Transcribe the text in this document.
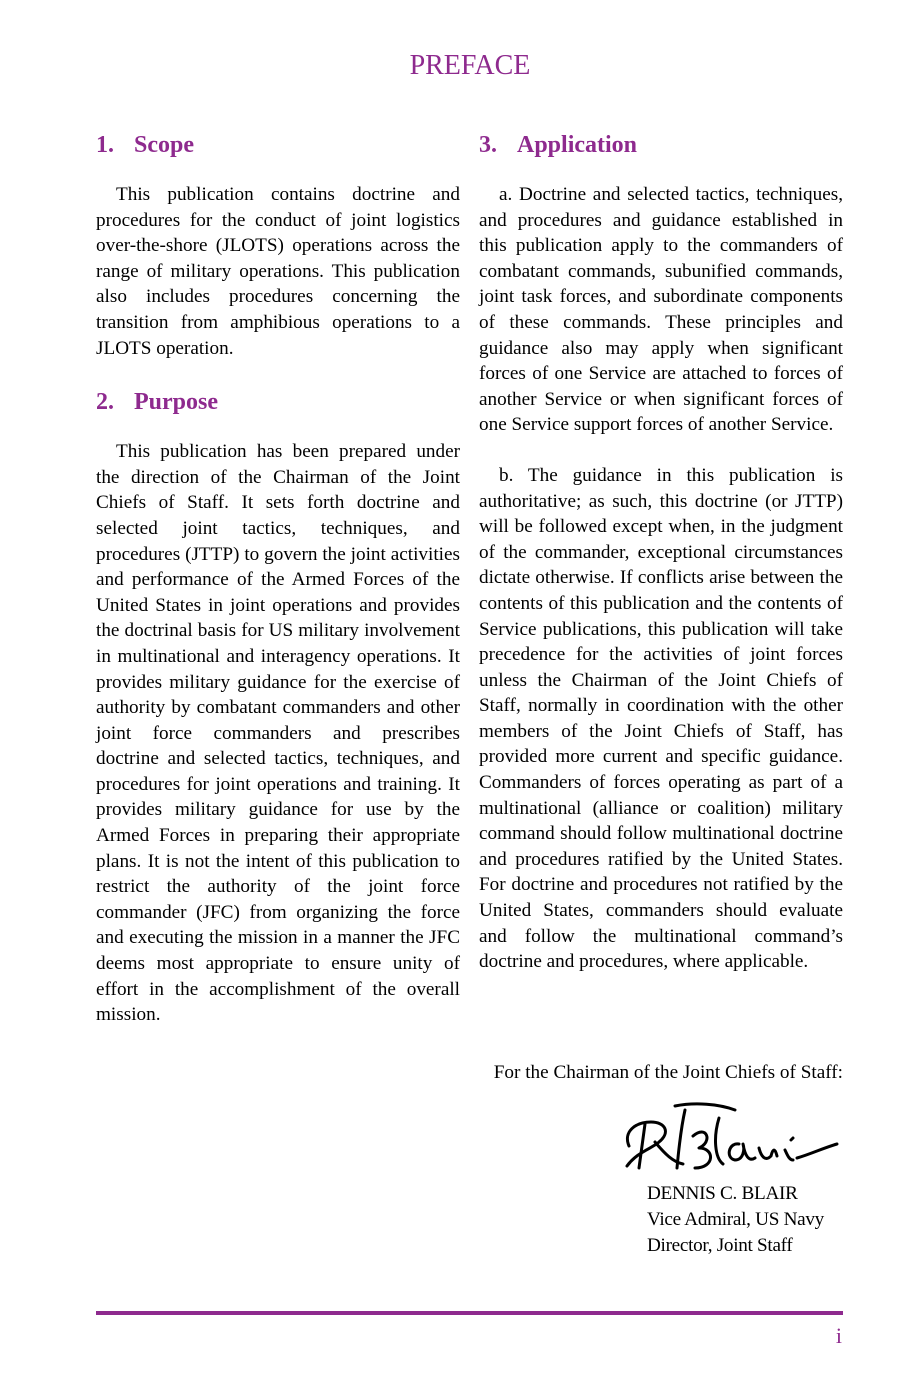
PREFACE
1. Scope

This publication contains doctrine and procedures for the conduct of joint logistics over-the-shore (JLOTS) operations across the range of military operations. This publication also includes procedures concerning the transition from amphibious operations to a JLOTS operation.

2. Purpose

This publication has been prepared under the direction of the Chairman of the Joint Chiefs of Staff. It sets forth doctrine and selected joint tactics, techniques, and procedures (JTTP) to govern the joint activities and performance of the Armed Forces of the United States in joint operations and provides the doctrinal basis for US military involvement in multinational and interagency operations. It provides military guidance for the exercise of authority by combatant commanders and other joint force commanders and prescribes doctrine and selected tactics, techniques, and procedures for joint operations and training. It provides military guidance for use by the Armed Forces in preparing their appropriate plans. It is not the intent of this publication to restrict the authority of the joint force commander (JFC) from organizing the force and executing the mission in a manner the JFC deems most appropriate to ensure unity of effort in the accomplishment of the overall mission.

3. Application

a. Doctrine and selected tactics, techniques, and procedures and guidance established in this publication apply to the commanders of combatant commands, subunified commands, joint task forces, and subordinate components of these commands. These principles and guidance also may apply when significant forces of one Service are attached to forces of another Service or when significant forces of one Service support forces of another Service.

b. The guidance in this publication is authoritative; as such, this doctrine (or JTTP) will be followed except when, in the judgment of the commander, exceptional circumstances dictate otherwise. If conflicts arise between the contents of this publication and the contents of Service publications, this publication will take precedence for the activities of joint forces unless the Chairman of the Joint Chiefs of Staff, normally in coordination with the other members of the Joint Chiefs of Staff, has provided more current and specific guidance. Commanders of forces operating as part of a multinational (alliance or coalition) military command should follow multinational doctrine and procedures ratified by the United States. For doctrine and procedures not ratified by the United States, commanders should evaluate and follow the multinational command’s doctrine and procedures, where applicable.

For the Chairman of the Joint Chiefs of Staff:
DENNIS C. BLAIR
Vice Admiral, US Navy
Director, Joint Staff
i
